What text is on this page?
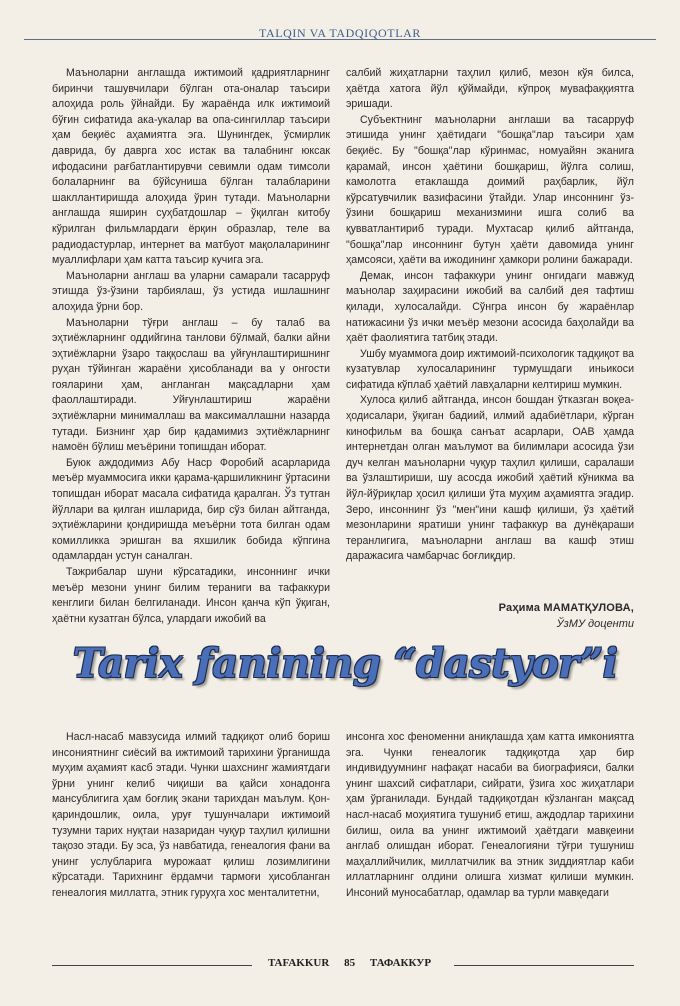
TALQIN VA TADQIQOTLAR

Маъноларни англашда ижтимоий қадриятларнинг биринчи ташувчилари бўлган ота-оналар таъсири алоҳида роль ўйнайди. Бу жараёнда илк ижтимоий бўғин сифатида ака-укалар ва опа-сингиллар таъсири ҳам беқиёс аҳамиятга эга. Шунингдек, ўсмирлик даврида, бу даврга хос истак ва талабнинг юксак ифодасини рағбатлантирувчи севимли одам тимсоли болаларнинг ва бўйсуниша бўлган талабларини шакллантиришда алоҳида ўрин тутади. Маъноларни англашда яширин суҳбатдошлар – ўқилган китобу кўрилган фильмлардаги ёрқин образлар, теле ва радиодастурлар, интернет ва матбуот мақолаларининг муаллифлари ҳам катта таъсир кучига эга.

Маъноларни англаш ва уларни самарали тасарруф этишда ўз-ўзини тарбиялаш, ўз устида ишлашнинг алоҳида ўрни бор.

Маъноларни тўғри англаш – бу талаб ва эҳтиёжларнинг оддийгина танлови бўлмай, балки айни эҳтиёжларни ўзаро таққослаш ва уйғунлаштиришнинг руҳан тўйинган жараёни ҳисобланади ва у онгости гояларини ҳам, англанган мақсадларни ҳам фаоллаштиради. Уйғунлаштириш жараёни эҳтиёжларни минималлаш ва максималлашни назарда тутади. Бизнинг ҳар бир қадамимиз эҳтиёжларнинг намоён бўлиш меъёрини топишдан иборат.

Буюк аждодимиз Абу Наср Форобий асарларида меъёр муаммосига икки қарама-қаршиликнинг ўртасини топишдан иборат масала сифатида қаралган. Ўз тутган йўллари ва қилган ишларида, бир сўз билан айтганда, эҳтиёжларини қондиришда меъёрни тота билган одам комилликка эришган ва яхшилик бобида кўпгина одамлардан устун саналган.

Тажрибалар шуни кўрсатадики, инсоннинг ички меъёр мезони унинг билим тераниги ва тафаккури кенглиги билан белгиланади. Инсон қанча кўп ўқиган, ҳаётни кузатган бўлса, улардаги ижобий ва

салбий жиҳатларни таҳлил қилиб, мезон кўя билса, ҳаётда хатога йўл қўймайди, кўпроқ мувафаққиятга эришади.

Субъектнинг маъноларни англаши ва тасарруф этишида унинг ҳаётидаги "бошқа"лар таъсири ҳам беқиёс. Бу "бошқа"лар кўринмас, номуайян эканига қарамай, инсон ҳаётини бошқариш, йўлга солиш, камолотга етаклашда доимий раҳбарлик, йўл кўрсатувчилик вазифасини ўтайди. Улар инсоннинг ўз-ўзини бошқариш механизмини ишга солиб ва қувватлантириб туради. Мухтасар қилиб айтганда, "бошқа"лар инсоннинг бутун ҳаёти давомида унинг ҳамсояси, ҳаёти ва ижодининг ҳамкори ролини бажаради.

Демак, инсон тафаккури унинг онгидаги мавжуд маънолар заҳирасини ижобий ва салбий дея тафтиш қилади, хулосалайди. Сўнгра инсон бу жараёнлар натижасини ўз ички меъёр мезони асосида баҳолайди ва ҳаёт фаолиятига татбиқ этади.

Ушбу муаммога доир ижтимоий-психологик тадқиқот ва кузатувлар хулосаларининг турмушдаги иньикоси сифатида кўплаб ҳаётий лавҳаларни келтириш мумкин.

Хулоса қилиб айтганда, инсон бошдан ўтказган воқеа-ҳодисалари, ўқиган бадиий, илмий адабиётлари, кўрган кинофильм ва бошқа санъат асарлари, ОАВ ҳамда интернетдан олган маълумот ва билимлари асосида ўзи дуч келган маъноларни чуқур таҳлил қилиши, саралаши ва ўзлаштириши, шу асосда ижобий ҳаётий кўникма ва йўл-йўриқлар ҳосил қилиши ўта муҳим аҳамиятга эгадир. Зеро, инсоннинг ўз "мен"ини кашф қилиши, ўз ҳаётий мезонларини яратиши унинг тафаккур ва дунёқараши теранлигига, маъноларни англаш ва кашф этиш даражасига чамбарчас боғлиқдир.

Раҳима МАМАТҚУЛОВА,
ЎзМУ доценти
Tarix fanining “dastyor”i

Насл-насаб мавзусида илмий тадқиқот олиб бориш инсониятнинг сиёсий ва ижтимоий тарихини ўрганишда муҳим аҳамият касб этади. Чунки шахснинг жамиятдаги ўрни унинг келиб чиқиши ва қайси хонадонга мансублигига ҳам боғлиқ экани тарихдан маълум. Қон-қариндошлик, оила, уруғ тушунчалари ижтимоий тузумни тарих нуқтаи назаридан чуқур таҳлил қилишни тақозо этади. Бу эса, ўз навбатида, генеалогия фани ва унинг услубларига мурожаат қилиш лозимлигини кўрсатади. Тарихнинг ёрдамчи тармоғи ҳисобланган генеалогия миллатга, этник гуруҳга хос менталитетни,

инсонга хос феноменни аниқлашда ҳам катта имкониятга эга. Чунки генеалогик тадқиқотда ҳар бир индивидуумнинг нафақат насаби ва биографияси, балки унинг шахсий сифатлари, сийрати, ўзига хос жиҳатлари ҳам ўрганилади. Бундай тадқиқотдан кўзланган мақсад насл-насаб моҳиятига тушуниб етиш, аждодлар тарихини билиш, оила ва унинг ижтимоий ҳаётдаги мавқеини англаб олишдан иборат. Генеалогияни тўғри тушуниш маҳаллийчилик, миллатчилик ва этник зиддиятлар каби иллатларнинг олдини олишга хизмат қилиши мумкин. Инсоний муносабатлар, одамлар ва турли мавқедаги

TAFAKKUR 85 ТАФАККУР
